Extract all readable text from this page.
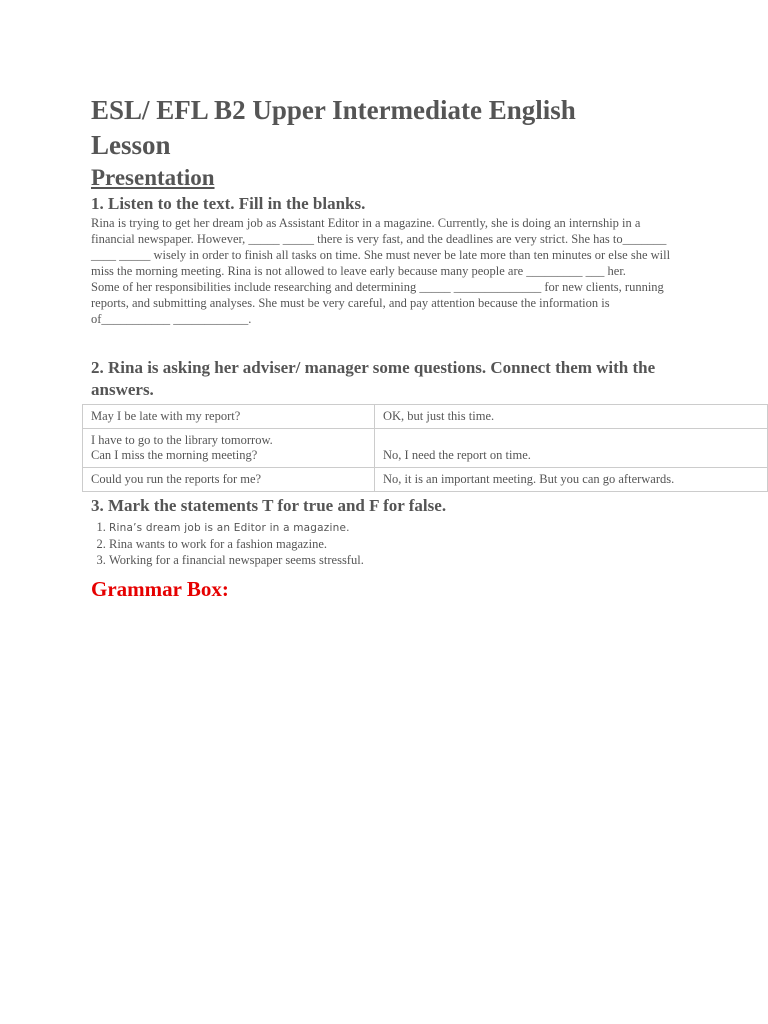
ESL/ EFL B2 Upper Intermediate English Lesson
Presentation
1. Listen to the text. Fill in the blanks.

Rina is trying to get her dream job as Assistant Editor in a magazine. Currently, she is doing an internship in a financial newspaper. However, _____ _____ there is very fast, and the deadlines are very strict. She has to_______ ____ _____ wisely in order to finish all tasks on time. She must never be late more than ten minutes or else she will miss the morning meeting. Rina is not allowed to leave early because many people are _________ ___ her.

Some of her responsibilities include researching and determining _____ ______________ for new clients, running reports, and submitting analyses. She must be very careful, and pay attention because the information is of___________ ____________.

2. Rina is asking her adviser/ manager some questions. Connect them with the answers.
May I be late with my report?	OK, but just this time.

I have to go to the library tomorrow.
Can I miss the morning meeting?	No, I need the report on time.
Could you run the reports for me?	No, it is an important meeting. But you can go afterwards.
3. Mark the statements T for true and F for false.
1. Rina’s dream job is an Editor in a magazine.
2. Rina wants to work for a fashion magazine.
3. Working for a financial newspaper seems stressful.
Grammar Box:
